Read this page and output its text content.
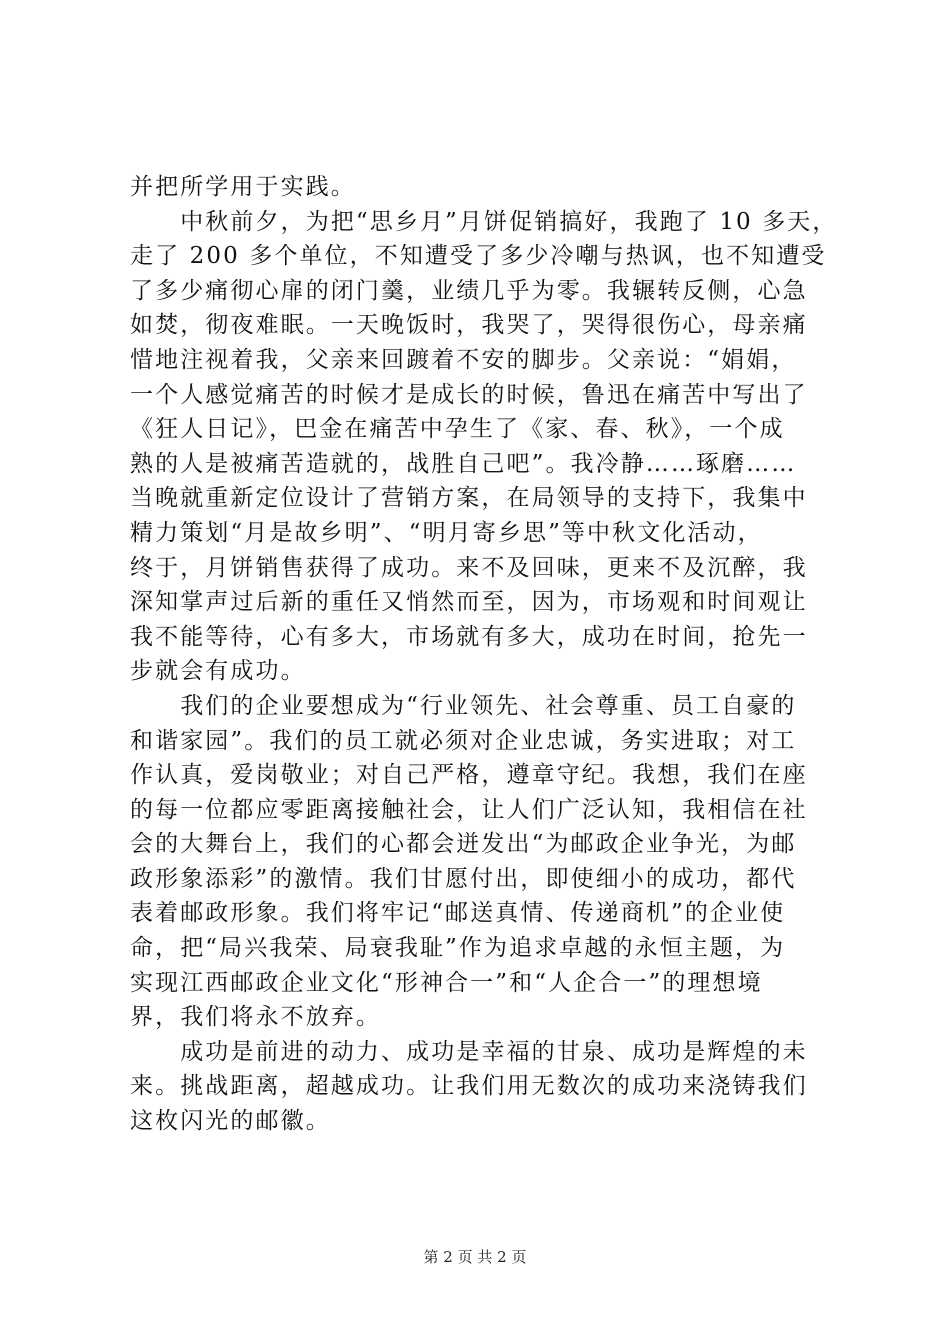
并把所学用于实践。
　　中秋前夕，为把“思乡月”月饼促销搞好，我跑了 10 多天，
走了 200 多个单位，不知遭受了多少冷嘲与热讽，也不知遭受
了多少痛彻心扉的闭门羹，业绩几乎为零。我辗转反侧，心急
如焚，彻夜难眠。一天晚饭时，我哭了，哭得很伤心，母亲痛
惜地注视着我，父亲来回踱着不安的脚步。父亲说：“娟娟，
一个人感觉痛苦的时候才是成长的时候，鲁迅在痛苦中写出了
《狂人日记》，巴金在痛苦中孕生了《家、春、秋》，一个成
熟的人是被痛苦造就的，战胜自己吧”。我冷静……琢磨……
当晚就重新定位设计了营销方案，在局领导的支持下，我集中
精力策划“月是故乡明”、“明月寄乡思”等中秋文化活动，
终于，月饼销售获得了成功。来不及回味，更来不及沉醉，我
深知掌声过后新的重任又悄然而至，因为，市场观和时间观让
我不能等待，心有多大，市场就有多大，成功在时间，抢先一
步就会有成功。
　　我们的企业要想成为“行业领先、社会尊重、员工自豪的
和谐家园”。我们的员工就必须对企业忠诚，务实进取；对工
作认真，爱岗敬业；对自己严格，遵章守纪。我想，我们在座
的每一位都应零距离接触社会，让人们广泛认知，我相信在社
会的大舞台上，我们的心都会迸发出“为邮政企业争光，为邮
政形象添彩”的激情。我们甘愿付出，即使细小的成功，都代
表着邮政形象。我们将牢记“邮送真情、传递商机”的企业使
命，把“局兴我荣、局衰我耻”作为追求卓越的永恒主题，为
实现江西邮政企业文化“形神合一”和“人企合一”的理想境
界，我们将永不放弃。
　　成功是前进的动力、成功是幸福的甘泉、成功是辉煌的未
来。挑战距离，超越成功。让我们用无数次的成功来浇铸我们
这枚闪光的邮徽。
第 2 页 共 2 页
